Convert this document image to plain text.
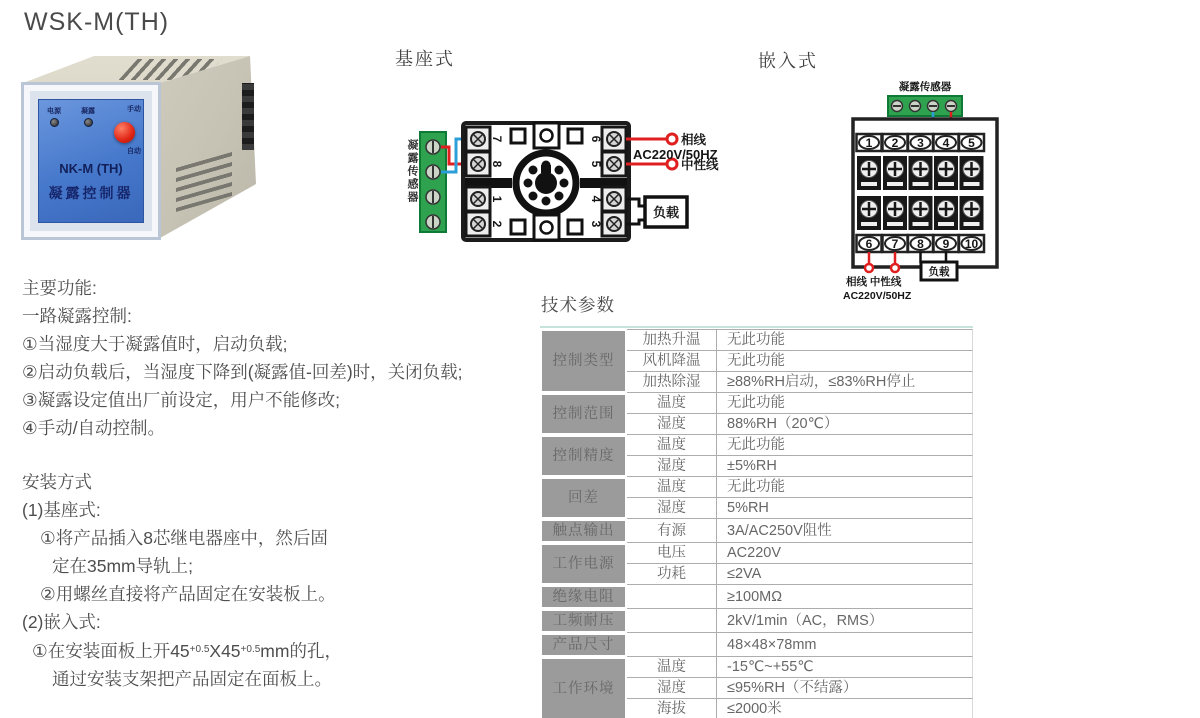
WSK-M(TH)
电源	凝露	手动
自动
NK-M (TH)
凝露控制器
基座式
凝露传感器	7
8
1
2
6
5
4
3
相线
AC220V/50HZ
中性线
负载
嵌入式
凝露传感器
1 2 3 4 5
6 7 8 9 10
相线 中性线
AC220V/50HZ
负载
主要功能:
一路凝露控制:
①当湿度大于凝露值时，启动负载;
②启动负载后，当湿度下降到(凝露值-回差)时，关闭负载;
③凝露设定值出厂前设定，用户不能修改;
④手动/自动控制。
安装方式
(1)基座式:
①将产品插入8芯继电器座中，然后固
定在35mm导轨上;
②用螺丝直接将产品固定在安装板上。
(2)嵌入式:
①在安装面板上开$45^{+0.5}X45^{+0.5}mm$的孔，
通过安装支架把产品固定在面板上。
技术参数
控制类型	加热升温	无此功能
	风机降温	无此功能
	加热除湿	≥88%RH启动，≤83%RH停止
控制范围	温度	无此功能
	湿度	88%RH（20℃）
控制精度	温度	无此功能
	湿度	±5%RH
回差	温度	无此功能
	湿度	5%RH
触点输出	有源	3A/AC250V阻性
工作电源	电压	AC220V
	功耗	≤2VA
绝缘电阻		≥100MΩ
工频耐压		2kV/1min（AC，RMS）
产品尺寸		48×48×78mm
工作环境	温度	-15℃~+55℃
	湿度	≤95%RH（不结露）
	海拔	≤2000米
